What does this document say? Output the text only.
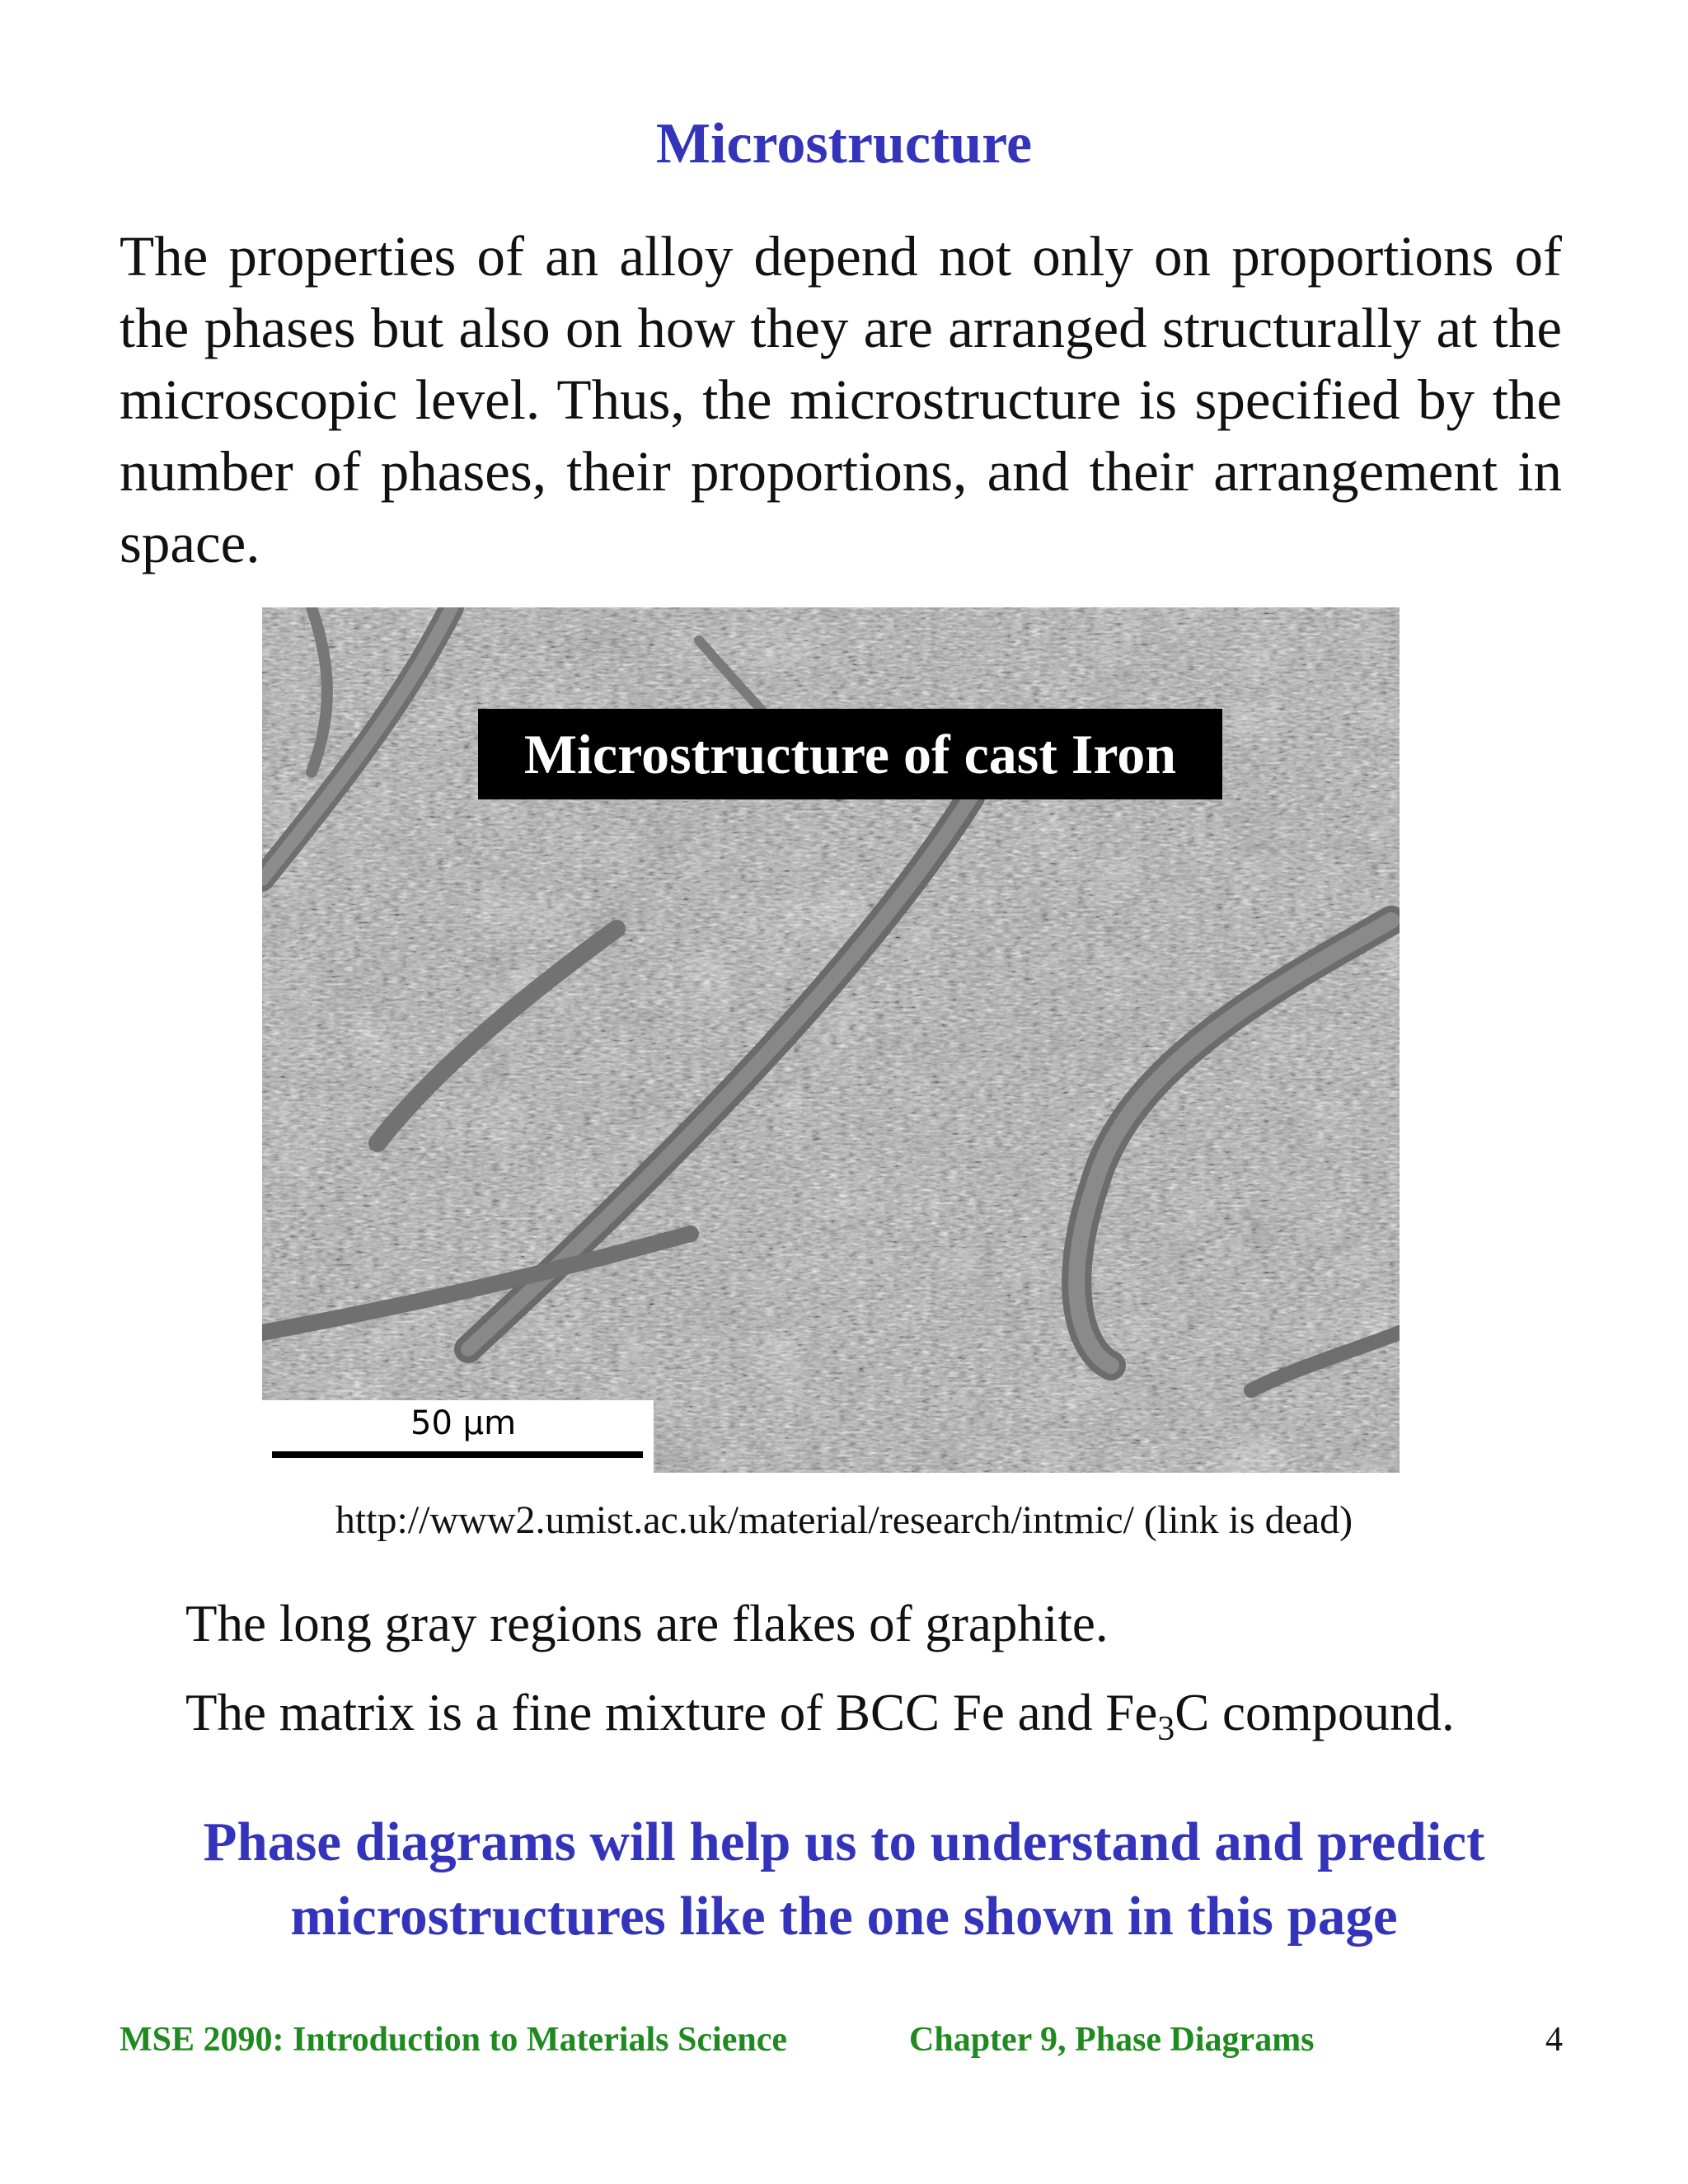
Microstructure
The properties of an alloy depend not only on proportions of the phases but also on how they are arranged structurally at the microscopic level. Thus, the microstructure is specified by the number of phases, their proportions, and their arrangement in space.
Microstructure of cast Iron
50 µm
http://www2.umist.ac.uk/material/research/intmic/ (link is dead)
The long gray regions are flakes of graphite.
The matrix is a fine mixture of BCC Fe and $Fe_3C$ compound.
Phase diagrams will help us to understand and predict
microstructures like the one shown in this page
MSE 2090: Introduction to Materials Science	Chapter 9, Phase Diagrams	4
